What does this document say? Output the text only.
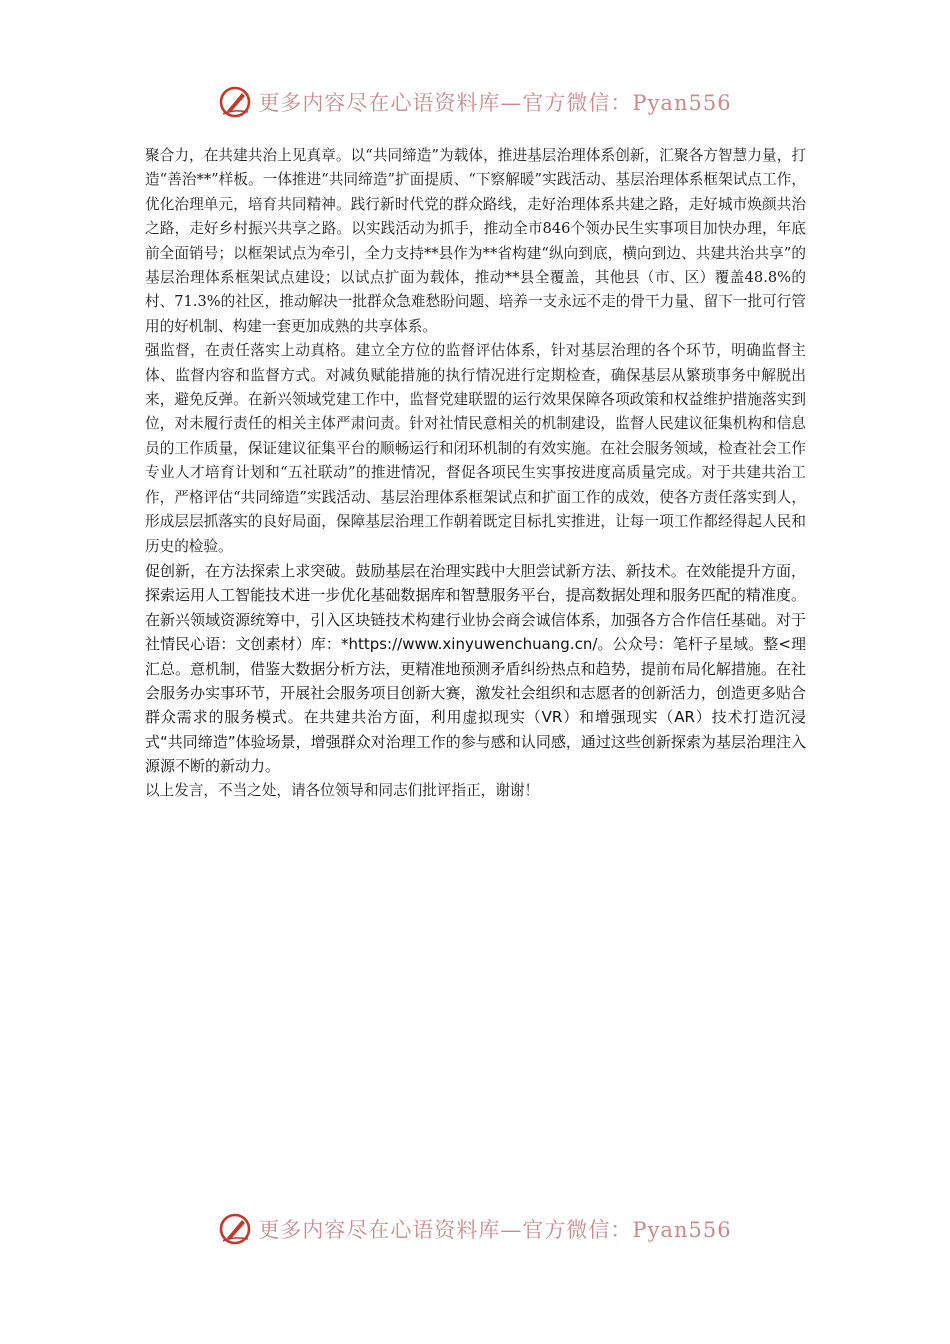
更多内容尽在心语资料库—官方微信：Pyan556

聚合力，在共建共治上见真章。以“共同缔造”为载体，推进基层治理体系创新，汇聚各方智慧力量，打造“善治**”样板。一体推进“共同缔造”扩面提质、“下察解暖”实践活动、基层治理体系框架试点工作，优化治理单元，培育共同精神。践行新时代党的群众路线，走好治理体系共建之路，走好城市焕颜共治之路，走好乡村振兴共享之路。以实践活动为抓手，推动全市846个领办民生实事项目加快办理，年底前全面销号；以框架试点为牵引，全力支持**县作为**省构建“纵向到底，横向到边、共建共治共享”的基层治理体系框架试点建设；以试点扩面为载体，推动**县全覆盖，其他县（市、区）覆盖48.8%的村、71.3%的社区，推动解决一批群众急难愁盼问题、培养一支永远不走的骨干力量、留下一批可行管用的好机制、构建一套更加成熟的共享体系。

强监督，在责任落实上动真格。建立全方位的监督评估体系，针对基层治理的各个环节，明确监督主体、监督内容和监督方式。对减负赋能措施的执行情况进行定期检查，确保基层从繁琐事务中解脱出来，避免反弹。在新兴领域党建工作中，监督党建联盟的运行效果保障各项政策和权益维护措施落实到位，对未履行责任的相关主体严肃问责。针对社情民意相关的机制建设，监督人民建议征集机构和信息员的工作质量，保证建议征集平台的顺畅运行和闭环机制的有效实施。在社会服务领域，检查社会工作专业人才培育计划和“五社联动”的推进情况，督促各项民生实事按进度高质量完成。对于共建共治工作，严格评估“共同缔造”实践活动、基层治理体系框架试点和扩面工作的成效，使各方责任落实到人，形成层层抓落实的良好局面，保障基层治理工作朝着既定目标扎实推进，让每一项工作都经得起人民和历史的检验。

促创新，在方法探索上求突破。鼓励基层在治理实践中大胆尝试新方法、新技术。在效能提升方面，探索运用人工智能技术进一步优化基础数据库和智慧服务平台，提高数据处理和服务匹配的精准度。在新兴领域资源统筹中，引入区块链技术构建行业协会商会诚信体系，加强各方合作信任基础。对于社情民心语：文创素材）库：*https://www.xinyuwenchuang.cn/。公众号：笔杆子星域。整<理汇总。意机制，借鉴大数据分析方法，更精准地预测矛盾纠纷热点和趋势，提前布局化解措施。在社会服务办实事环节，开展社会服务项目创新大赛，激发社会组织和志愿者的创新活力，创造更多贴合群众需求的服务模式。在共建共治方面，利用虚拟现实（VR）和增强现实（AR）技术打造沉浸式“共同缔造”体验场景，增强群众对治理工作的参与感和认同感，通过这些创新探索为基层治理注入源源不断的新动力。

以上发言，不当之处，请各位领导和同志们批评指正，谢谢！

更多内容尽在心语资料库—官方微信：Pyan556
